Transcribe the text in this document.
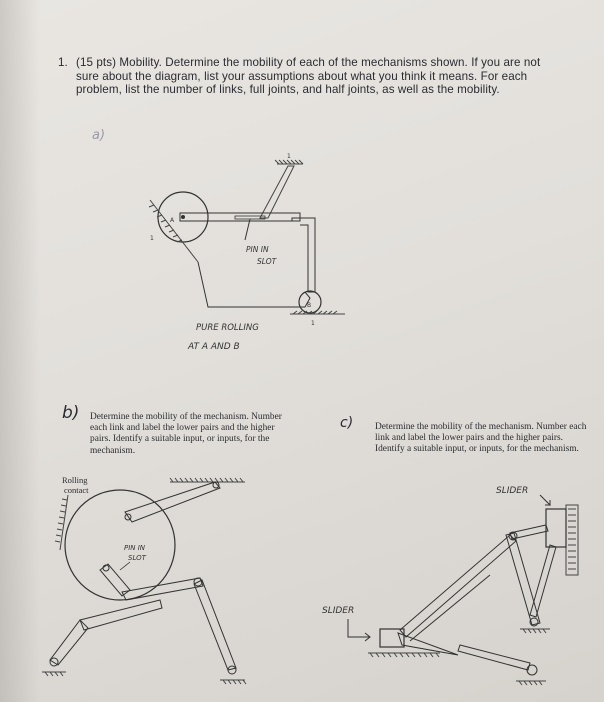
1. (15 pts) Mobility. Determine the mobility of each of the mechanisms shown. If you are not sure about the diagram, list your assumptions about what you think it means. For each problem, list the number of links, full joints, and half joints, as well as the mobility.
a)
1
1
A
B
1
PIN IN
SLOT
PURE ROLLING
AT A AND B
b) Determine the mobility of the mechanism. Number each link and label the lower pairs and the higher pairs. Identify a suitable input, or inputs, for the mechanism.
Rolling
contact
PIN IN
SLOT
c) Determine the mobility of the mechanism. Number each link and label the lower pairs and the higher pairs. Identify a suitable input, or inputs, for the mechanism.
SLIDER
SLIDER
